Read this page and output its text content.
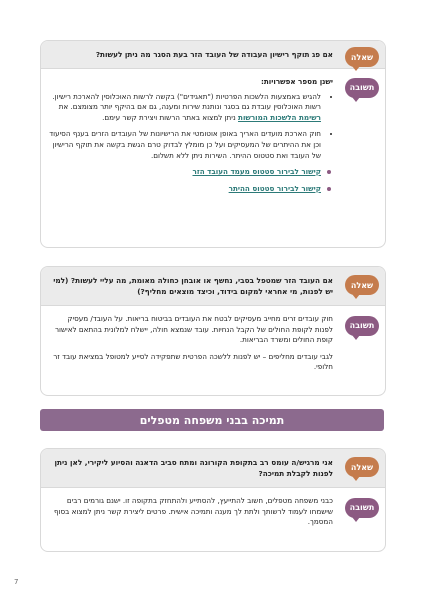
שאלה
אם פג תוקף רישיון העבודה של העובד הזר בעת הסגר מה ניתן לעשות?
תשובה
ישנן מספר אפשרויות:
• להגיש באמצעות הלשכות הפרטיות ("תאגידים") בקשה לרשות האוכלוסין להארכת רישיון. רשות האוכלוסין עובדת גם בסגר ונותנת שירות ומענה, גם אם בהיקף יותר מצומצם. את רשימת הלשכות המורשות ניתן למצוא באתר הרשות ויצירת קשר עימם.
• חוק הארכת מועדים האריך באופן אוטומטי את הרישיונות של העובדים הזרים בענף הסיעוד וכן את ההיתרים של המעסיקים ועל כן מומלץ לבדוק טרם הגשת בקשה את תוקף הרישיון של העובד ואת סטטוס ההיתר. השירות ניתן ללא תשלום.
קישור לבירור סטטוס מעמד העובד הזר
קישור לבירור סטטוס ההיתר
שאלה
אם העובד הזר שמטפל בסבי, נחשף או אובחן כחולה מאומת, מה עליי לעשות? (למי יש לפנות, מי אחראי למקום בידוד, וכיצד מוצאים מחליף?)
תשובה

חוק עובדים זרים מחייב מעסיקים לבטח את העובדים בביטוח בריאות. על העובד/ מעסיק לפנות לקופת החולים של הקבל הנחיות. עובד שנמצא חולה, יישלח למלונית בהתאם לאישור קופת החולים ומשרד הבריאות.

לגבי עובדים מחליפים – יש לפנות ללשכה הפרטית שתפקידה לסייע למטופל במציאת עובד זר חלופי.

תמיכה בבני משפחה מטפלים
שאלה
אני מרגיש/ה עומס רב בתקופת הקורונה ומתח סביב הדאגה והסיוע ליקירי, לאן ניתן לפנות לקבלת תמיכה?
תשובה

כבני משפחה מטפלים, חשוב להתייעץ, להסתייע ולהתחזק בתקופה זו. ישנם גורמים רבים שישמחו לעמוד לרשותך ולתת לך מענה ותמיכה אישית. פרטים ליצירת קשר ניתן למצוא בסוף המסמך.

7
